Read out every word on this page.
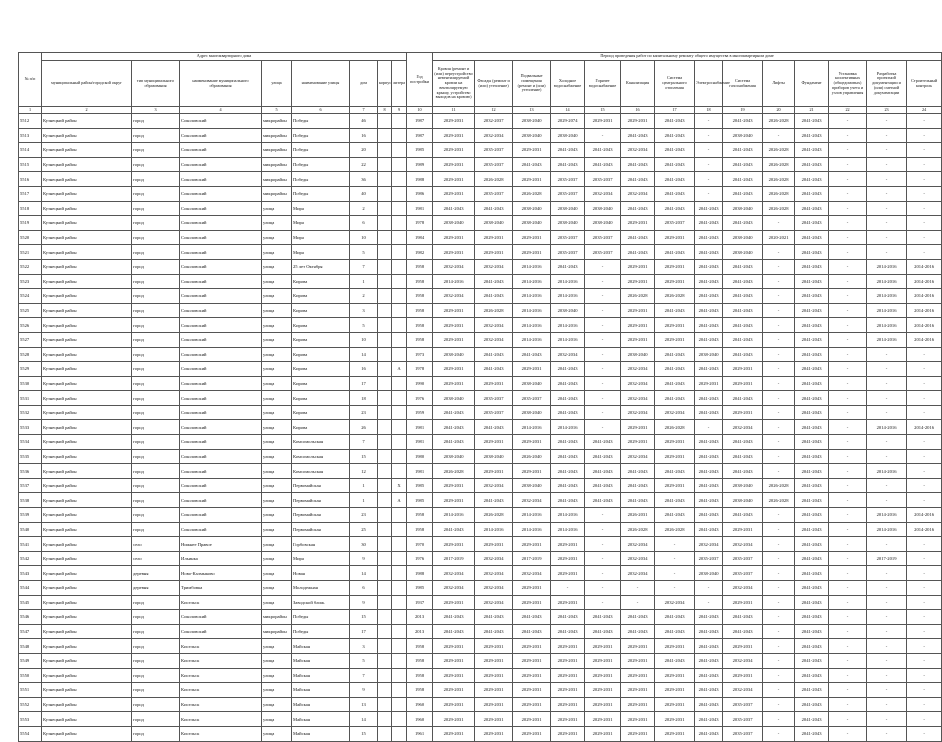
№ п/п	Адрес многоквартирного дома								Год постройки	Период проведения работ по капитальному ремонту общего имущества в многоквартирном доме													
	муниципальный район/городской округ	тип муниципального образования	наименование муниципального образования	улица	наименование улицы	дом	корпус	литера		Кровля (ремонт и (или) переустройство невентилируемой кровли на вентилируемую крышу, устройство выходов на кровлю)	Фасады (ремонт и (или) утепление)	Подвальные помещения (ремонт и (или) утепление)	Холодное водоснабжение	Горячее водоснабжение	Канализация	Система центрального отопления	Электроснабжение	Система газоснабжения	Лифты	Фундамент	Установка коллективных (общедомовых) приборов учета и узлов управления	Разработка проектной документации и (или) сметной документации	Строительный контроль
1	2	3	4	5	6	7	8	9	10	11	12	13	14	15	16	17	18	19	20	21	22	23	24
5512	Кузнецкий район	город	Соколовский	микрорайон	Победы	46			1987	2029-2031	2032-2037	2038-2040	2029-2074	2029-2031	2029-2031	2041-2043	-	2041-2043	2026-2028	2041-2043	-	-	-
5513	Кузнецкий район	город	Соколовский	микрорайон	Победы	16			1987	2029-2031	2032-2034	2038-2040	2038-2040	-	2041-2043	2041-2043	-	2038-2040	-	2041-2043	-	-	-
5514	Кузнецкий район	город	Соколовский	микрорайон	Победы	20			1985	2029-2031	2035-2037	2029-2031	2041-2043	2041-2043	2032-2034	2041-2043	-	2041-2043	2026-2028	2041-2043	-	-	-
5515	Кузнецкий район	город	Соколовский	микрорайон	Победы	22			1989	2029-2031	2035-2037	2041-2043	2041-2043	2041-2043	2041-2043	2041-2043	-	2041-2043	2026-2028	2041-2043	-	-	-
5516	Кузнецкий район	город	Соколовский	микрорайон	Победы	36			1988	2029-2031	2026-2028	2029-2031	2035-2037	2035-2037	2041-2043	2041-2043	-	2041-2043	2026-2028	2041-2043	-	-	-
5517	Кузнецкий район	город	Соколовский	микрорайон	Победы	40			1986	2029-2031	2035-2037	2026-2028	2035-2037	2032-2034	2032-2034	2041-2043	-	2041-2043	2026-2028	2041-2043	-	-	-
5518	Кузнецкий район	город	Соколовский	улица	Мира	2			1981	2041-2043	2041-2043	2038-2040	2038-2040	2038-2040	2041-2043	2041-2043	2041-2043	2038-2040	2026-2028	2041-2043	-	-	-
5519	Кузнецкий район	город	Соколовский	улица	Мира	6			1978	2038-2040	2038-2040	2038-2040	2038-2040	2038-2040	2029-2031	2035-2037	2041-2043	2041-2043	-	2041-2043	-	-	-
5520	Кузнецкий район	город	Соколовский	улица	Мира	10			1984	2029-2031	2029-2031	2029-2031	2035-2037	2035-2037	2041-2043	2029-2031	2041-2043	2038-2040	2020-2021	2041-2043	-	-	-
5521	Кузнецкий район	город	Соколовский	улица	Мира	5			1982	2029-2031	2029-2031	2029-2031	2035-2037	2035-2037	2041-2043	2041-2043	2041-2043	2038-2040	-	2041-2043	-	-	-
5522	Кузнецкий район	город	Соколовский	улица	25 лет Октября	7			1958	2032-2034	2032-2034	2014-2016	2041-2043	-	2029-2031	2029-2031	2041-2043	2041-2043	-	2041-2043	-	2014-2016	2014-2016
5523	Кузнецкий район	город	Соколовский	улица	Кирова	1			1958	2014-2016	2041-2043	2014-2016	2014-2016	-	2029-2031	2029-2031	2041-2043	2041-2043	-	2041-2043	-	2014-2016	2014-2016
5524	Кузнецкий район	город	Соколовский	улица	Кирова	2			1958	2032-2034	2041-2043	2014-2016	2014-2016	-	2026-2028	2026-2028	2041-2043	2041-2043	-	2041-2043	-	2014-2016	2014-2016
5525	Кузнецкий район	город	Соколовский	улица	Кирова	3			1958	2029-2031	2026-2028	2014-2016	2038-2040	-	2029-2031	2041-2043	2041-2043	2041-2043	-	2041-2043	-	2014-2016	2014-2016
5526	Кузнецкий район	город	Соколовский	улица	Кирова	5			1958	2029-2031	2032-2034	2014-2016	2014-2016	-	2029-2031	2029-2031	2041-2043	2041-2043	-	2041-2043	-	2014-2016	2014-2016
5527	Кузнецкий район	город	Соколовский	улица	Кирова	10			1958	2029-2031	2032-2034	2014-2016	2014-2016	-	2029-2031	2029-2031	2041-2043	2041-2043	-	2041-2043	-	2014-2016	2014-2016
5528	Кузнецкий район	город	Соколовский	улица	Кирова	14			1973	2038-2040	2041-2043	2041-2043	2032-2034	-	2038-2040	2041-2043	2038-2040	2041-2043	-	2041-2043	-	-	-
5529	Кузнецкий район	город	Соколовский	улица	Кирова	16		А	1978	2029-2031	2041-2043	2029-2031	2041-2043	-	2032-2034	2041-2043	2041-2043	2029-2031	-	2041-2043	-	-	-
5530	Кузнецкий район	город	Соколовский	улица	Кирова	17			1990	2029-2031	2029-2031	2038-2040	2041-2043	-	2032-2034	2041-2043	2029-2031	2029-2031	-	2041-2043	-	-	-
5531	Кузнецкий район	город	Соколовский	улица	Кирова	18			1976	2038-2040	2035-2037	2035-2037	2041-2043	-	2032-2034	2041-2043	2041-2043	2041-2043	-	2041-2043	-	-	-
5532	Кузнецкий район	город	Соколовский	улица	Кирова	23			1959	2041-2043	2035-2037	2038-2040	2041-2043	-	2032-2034	2032-2034	2041-2043	2029-2031	-	2041-2043	-	-	-
5533	Кузнецкий район	город	Соколовский	улица	Кирова	26			1981	2041-2043	2041-2043	2014-2016	2014-2016	-	2029-2031	2026-2028	-	2032-2034	-	2041-2043	-	2014-2016	2014-2016
5534	Кузнецкий район	город	Соколовский	улица	Комсомольская	7			1981	2041-2043	2029-2031	2029-2031	2041-2043	2041-2043	2029-2031	2029-2031	2041-2043	2041-2043	-	2041-2043	-	-	-
5535	Кузнецкий район	город	Соколовский	улица	Комсомольская	15			1980	2038-2040	2038-2040	2026-2040	2041-2043	2041-2043	2032-2034	2029-2031	2041-2043	2041-2043	-	2041-2043	-	-	-
5536	Кузнецкий район	город	Соколовский	улица	Комсомольская	12			1981	2026-2028	2029-2031	2029-2031	2041-2043	2041-2043	2041-2043	2041-2043	2041-2043	2041-2043	-	2041-2043	-	2014-2016	-
5537	Кузнецкий район	город	Соколовский	улица	Первомайская	1		Х	1985	2029-2031	2032-2034	2038-2040	2041-2043	2041-2043	2041-2043	2029-2031	2041-2043	2038-2040	2026-2028	2041-2043	-	-	-
5538	Кузнецкий район	город	Соколовский	улица	Первомайская	1		А	1985	2029-2031	2041-2043	2032-2034	2041-2043	2041-2043	2041-2043	2041-2043	2041-2043	2038-2040	2026-2028	2041-2043	-	-	-
5539	Кузнецкий район	город	Соколовский	улица	Первомайская	23			1958	2014-2016	2026-2028	2014-2016	2014-2016	-	2026-2031	2041-2043	2041-2043	2041-2043	-	2041-2043	-	2014-2016	2014-2016
5540	Кузнецкий район	город	Соколовский	улица	Первомайская	25			1958	2041-2043	2014-2016	2014-2016	2014-2016	-	2026-2028	2026-2028	2041-2043	2029-2031	-	2041-2043	-	2014-2016	2014-2016
5541	Кузнецкий район	село	Нижнее Правое	улица	Горбовская	30			1970	2029-2031	2029-2031	2029-2031	2029-2031	-	2032-2034	-	2032-2034	2032-2034	-	2041-2043	-	-	-
5542	Кузнецкий район	село	Ильинка	улица	Мира	9			1976	2017-2019	2032-2034	2017-2019	2029-2031	-	2032-2034	-	2035-2037	2035-2037	-	2041-2043	-	2017-2019	-
5543	Кузнецкий район	деревня	Ново-Калмыково	улица	Новая	14			1988	2032-2034	2032-2034	2032-2034	2029-2031	-	2032-2034	-	2038-2040	2035-2037	-	2041-2043	-	-	-
5544	Кузнецкий район	деревня	Тримбовка	улица	Молодежная	6			1985	2032-2034	2032-2034	2029-2031	-	-	-	-	-	2032-2034	-	2041-2043	-	-	-
5545	Кузнецкий район	город	Кисельск	улица	Заводской ближ.	9			1937	2029-2031	2032-2034	2029-2031	2029-2031	-	-	2032-2034	-	2029-2031	-	2041-2043	-	-	-
5546	Кузнецкий район	город	Соколовский	микрорайон	Победы	15			2013	2041-2043	2041-2043	2041-2043	2041-2043	2041-2043	2041-2043	2041-2043	2041-2043	2041-2043	-	2041-2043	-	-	-
5547	Кузнецкий район	город	Соколовский	микрорайон	Победы	17			2013	2041-2043	2041-2043	2041-2043	2041-2043	2041-2043	2041-2043	2041-2043	2041-2043	2041-2043	-	2041-2043	-	-	-
5548	Кузнецкий район	город	Кисельск	улица	Майская	3			1958	2029-2031	2029-2031	2029-2031	2029-2031	2029-2031	2029-2031	2029-2031	2041-2043	2029-2031	-	2041-2043	-	-	-
5549	Кузнецкий район	город	Кисельск	улица	Майская	5			1958	2029-2031	2029-2031	2029-2031	2029-2031	2029-2031	2029-2031	2041-2043	2041-2043	2032-2034	-	2041-2043	-	-	-
5550	Кузнецкий район	город	Кисельск	улица	Майская	7			1958	2029-2031	2029-2031	2029-2031	2029-2031	2029-2031	2029-2031	2029-2031	2041-2043	2029-2031	-	2041-2043	-	-	-
5551	Кузнецкий район	город	Кисельск	улица	Майская	9			1958	2029-2031	2029-2031	2029-2031	2029-2031	2029-2031	2029-2031	2029-2031	2041-2043	2032-2034	-	2041-2043	-	-	-
5552	Кузнецкий район	город	Кисельск	улица	Майская	13			1960	2029-2031	2029-2031	2029-2031	2029-2031	2029-2031	2029-2031	2029-2031	2041-2043	2035-2037	-	2041-2043	-	-	-
5553	Кузнецкий район	город	Кисельск	улица	Майская	14			1960	2029-2031	2029-2031	2029-2031	2029-2031	2029-2031	2029-2031	2029-2031	2041-2043	2035-2037	-	2041-2043	-	-	-
5554	Кузнецкий район	город	Кисельск	улица	Майская	15			1961	2029-2031	2029-2031	2029-2031	2029-2031	2029-2031	2029-2031	2029-2031	2041-2043	2035-2037	-	2041-2043	-	-	-
